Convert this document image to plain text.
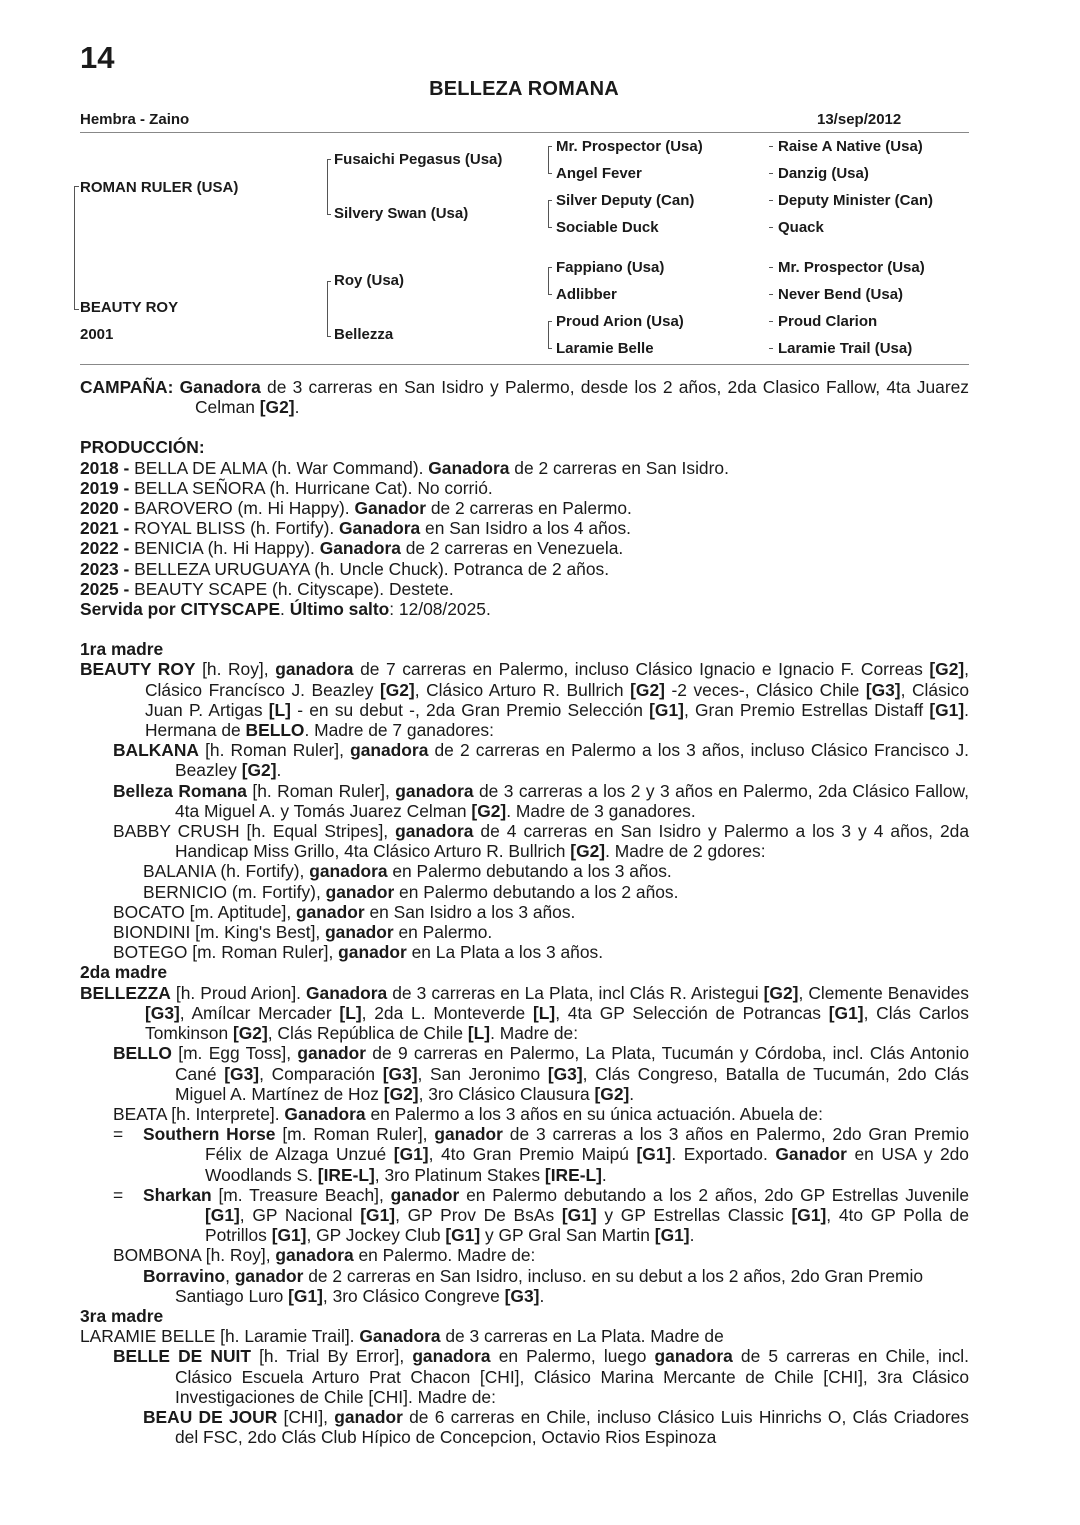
14
BELLEZA ROMANA
Hembra - Zaino	13/sep/2012
ROMAN RULER (USA)
BEAUTY ROY
2001
Fusaichi Pegasus (Usa)
Silvery Swan (Usa)
Roy (Usa)
Bellezza
Mr. Prospector (Usa)
Angel Fever
Silver Deputy (Can)
Sociable Duck
Fappiano (Usa)
Adlibber
Proud Arion (Usa)
Laramie Belle
Raise A Native (Usa)
Danzig (Usa)
Deputy Minister (Can)
Quack
Mr. Prospector (Usa)
Never Bend (Usa)
Proud Clarion
Laramie Trail (Usa)

CAMPAÑA: Ganadora de 3 carreras en San Isidro y Palermo, desde los 2 años, 2da Clasico Fallow, 4ta Juarez Celman [G2].

PRODUCCIÓN:

2018 - BELLA DE ALMA (h. War Command). Ganadora de 2 carreras en San Isidro.

2019 - BELLA SEÑORA (h. Hurricane Cat). No corrió.

2020 - BAROVERO (m. Hi Happy). Ganador de 2 carreras en Palermo.

2021 - ROYAL BLISS (h. Fortify). Ganadora en San Isidro a los 4 años.

2022 - BENICIA (h. Hi Happy). Ganadora de 2 carreras en Venezuela.

2023 - BELLEZA URUGUAYA (h. Uncle Chuck). Potranca de 2 años.

2025 - BEAUTY SCAPE (h. Cityscape). Destete.

Servida por CITYSCAPE. Último salto: 12/08/2025.

1ra madre

BEAUTY ROY [h. Roy], ganadora de 7 carreras en Palermo, incluso Clásico Ignacio e Ignacio F. Correas [G2], Clásico Francísco J. Beazley [G2], Clásico Arturo R. Bullrich [G2] -2 veces-, Clásico Chile [G3], Clásico Juan P. Artigas [L] - en su debut -, 2da Gran Premio Selección [G1], Gran Premio Estrellas Distaff [G1]. Hermana de BELLO. Madre de 7 ganadores:

BALKANA [h. Roman Ruler], ganadora de 2 carreras en Palermo a los 3 años, incluso Clásico Francisco J. Beazley [G2].

Belleza Romana [h. Roman Ruler], ganadora de 3 carreras a los 2 y 3 años en Palermo, 2da Clásico Fallow, 4ta Miguel A. y Tomás Juarez Celman [G2]. Madre de 3 ganadores.

BABBY CRUSH [h. Equal Stripes], ganadora de 4 carreras en San Isidro y Palermo a los 3 y 4 años, 2da Handicap Miss Grillo, 4ta Clásico Arturo R. Bullrich [G2]. Madre de 2 gdores:

BALANIA (h. Fortify), ganadora en Palermo debutando a los 3 años.

BERNICIO (m. Fortify), ganador en Palermo debutando a los 2 años.

BOCATO [m. Aptitude], ganador en San Isidro a los 3 años.

BIONDINI [m. King's Best], ganador en Palermo.

BOTEGO [m. Roman Ruler], ganador en La Plata a los 3 años.

2da madre

BELLEZZA [h. Proud Arion]. Ganadora de 3 carreras en La Plata, incl Clás R. Aristegui [G2], Clemente Benavides [G3], Amílcar Mercader [L], 2da L. Monteverde [L], 4ta GP Selección de Potrancas [G1], Clás Carlos Tomkinson [G2], Clás República de Chile [L]. Madre de:

BELLO [m. Egg Toss], ganador de 9 carreras en Palermo, La Plata, Tucumán y Córdoba, incl. Clás Antonio Cané [G3], Comparación [G3], San Jeronimo [G3], Clás Congreso, Batalla de Tucumán, 2do Clás Miguel A. Martínez de Hoz [G2], 3ro Clásico Clausura [G2].

BEATA [h. Interprete]. Ganadora en Palermo a los 3 años en su única actuación. Abuela de:

= Southern Horse [m. Roman Ruler], ganador de 3 carreras a los 3 años en Palermo, 2do Gran Premio Félix de Alzaga Unzué [G1], 4to Gran Premio Maipú [G1]. Exportado. Ganador en USA y 2do Woodlands S. [IRE-L], 3ro Platinum Stakes [IRE-L].

= Sharkan [m. Treasure Beach], ganador en Palermo debutando a los 2 años, 2do GP Estrellas Juvenile [G1], GP Nacional [G1], GP Prov De BsAs [G1] y GP Estrellas Classic [G1], 4to GP Polla de Potrillos [G1], GP Jockey Club [G1] y GP Gral San Martin [G1].

BOMBONA [h. Roy], ganadora en Palermo. Madre de:

Borravino, ganador de 2 carreras en San Isidro, incluso. en su debut a los 2 años, 2do Gran Premio Santiago Luro [G1], 3ro Clásico Congreve [G3].

3ra madre

LARAMIE BELLE [h. Laramie Trail]. Ganadora de 3 carreras en La Plata. Madre de

BELLE DE NUIT [h. Trial By Error], ganadora en Palermo, luego ganadora de 5 carreras en Chile, incl. Clásico Escuela Arturo Prat Chacon [CHI], Clásico Marina Mercante de Chile [CHI], 3ra Clásico Investigaciones de Chile [CHI]. Madre de:

BEAU DE JOUR [CHI], ganador de 6 carreras en Chile, incluso Clásico Luis Hinrichs O, Clás Criadores del FSC, 2do Clás Club Hípico de Concepcion, Octavio Rios Espinoza
